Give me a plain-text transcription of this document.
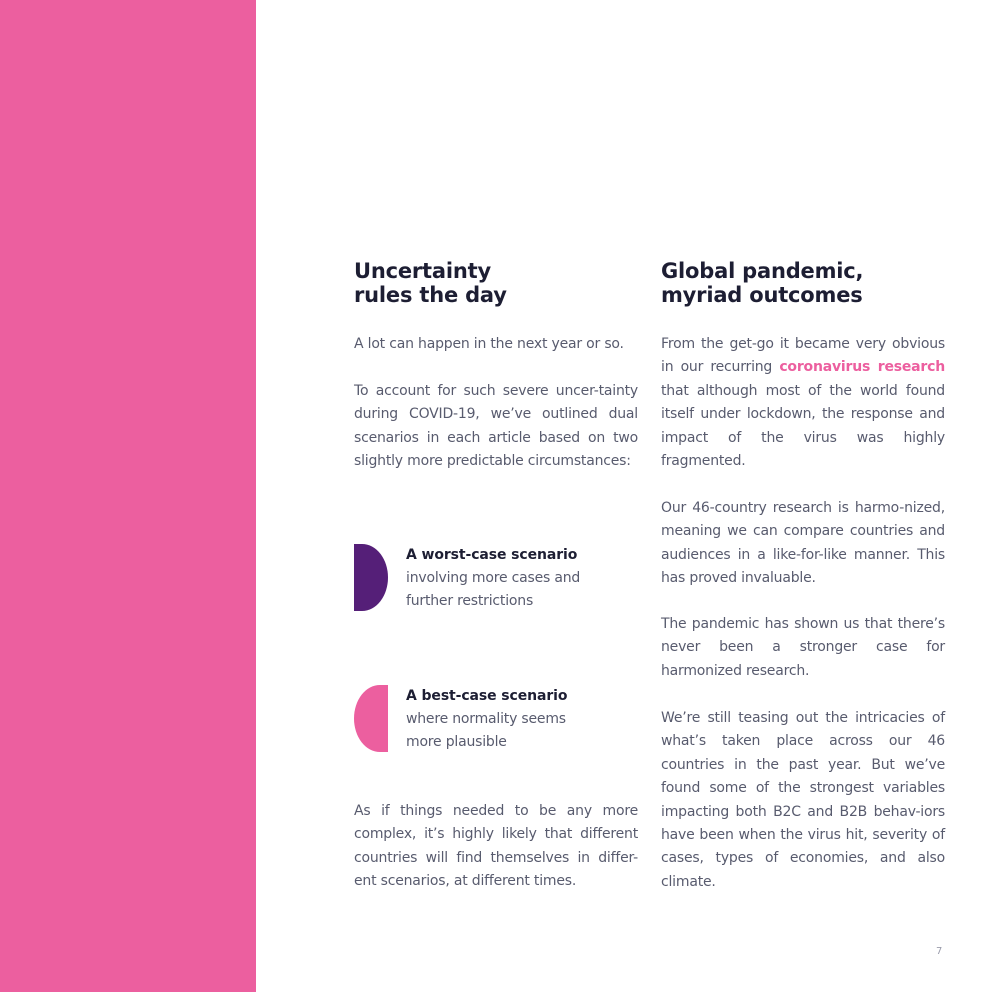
Uncertainty
rules the day

A lot can happen in the next year or so.

To account for such severe uncer-tainty during COVID-19, we’ve outlined dual scenarios in each article based on two slightly more predictable circumstances:

A worst-case scenario
involving more cases and
further restrictions
A best-case scenario
where normality seems
more plausible

As if things needed to be any more complex, it’s highly likely that different countries will find themselves in differ-ent scenarios, at different times.

Global pandemic,
myriad outcomes

From the get-go it became very obvious in our recurring coronavirus research that although most of the world found itself under lockdown, the response and impact of the virus was highly fragmented.

Our 46-country research is harmo-nized, meaning we can compare countries and audiences in a like-for-like manner. This has proved invaluable.

The pandemic has shown us that there’s never been a stronger case for harmonized research.

We’re still teasing out the intricacies of what’s taken place across our 46 countries in the past year. But we’ve found some of the strongest variables impacting both B2C and B2B behav-iors have been when the virus hit, severity of cases, types of economies, and also climate.

7
